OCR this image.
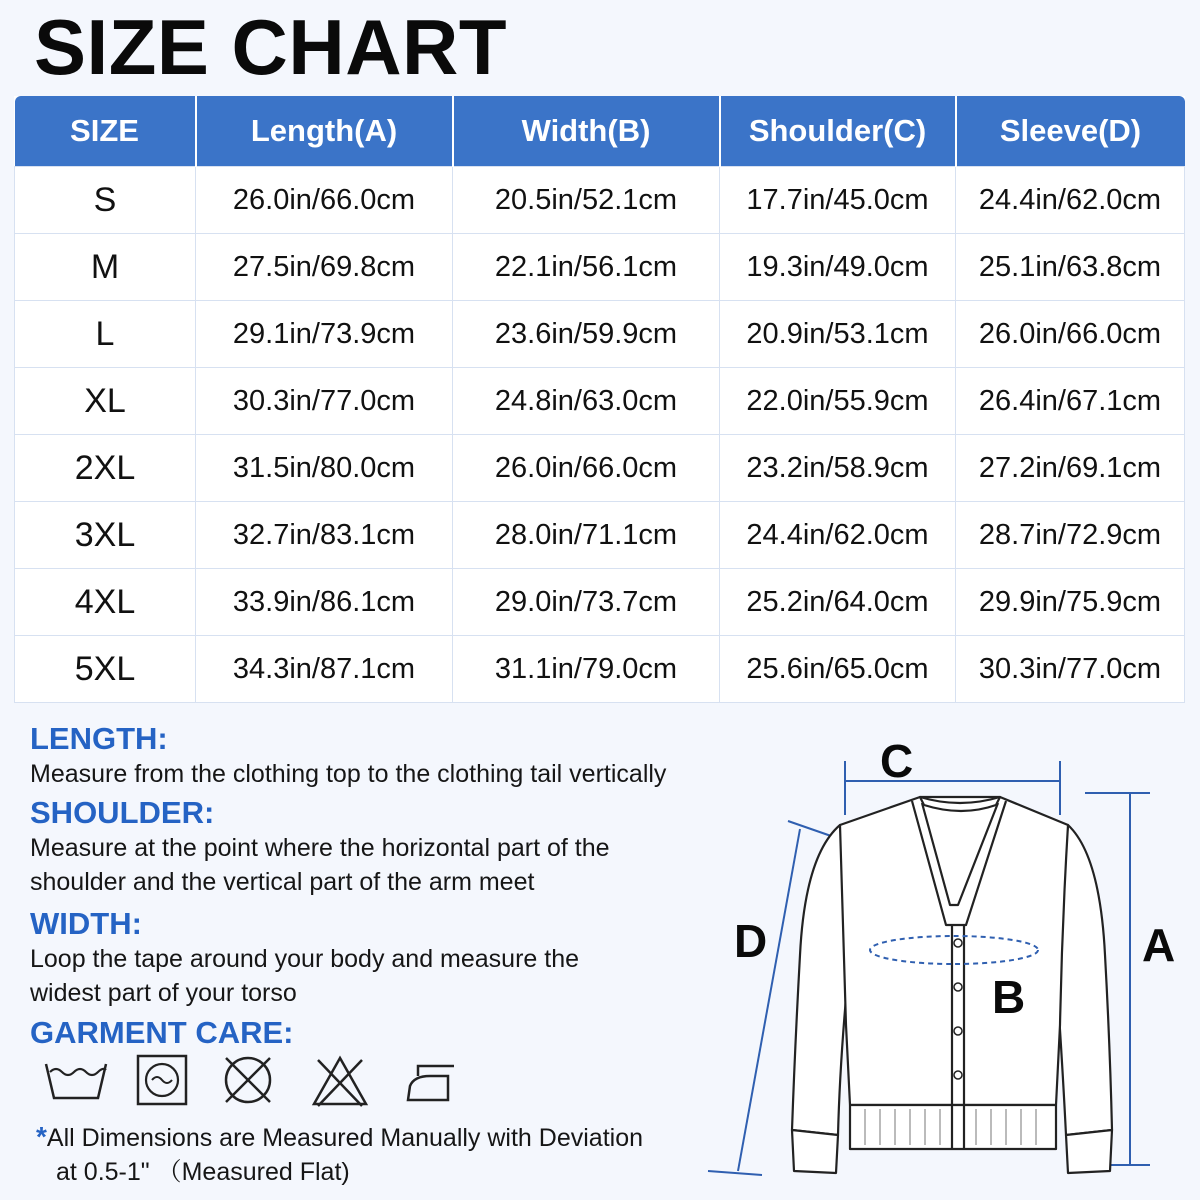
SIZE CHART
SIZE	Length(A)	Width(B)	Shoulder(C)	Sleeve(D)
S	26.0in/66.0cm	20.5in/52.1cm	17.7in/45.0cm	24.4in/62.0cm
M	27.5in/69.8cm	22.1in/56.1cm	19.3in/49.0cm	25.1in/63.8cm
L	29.1in/73.9cm	23.6in/59.9cm	20.9in/53.1cm	26.0in/66.0cm
XL	30.3in/77.0cm	24.8in/63.0cm	22.0in/55.9cm	26.4in/67.1cm
2XL	31.5in/80.0cm	26.0in/66.0cm	23.2in/58.9cm	27.2in/69.1cm
3XL	32.7in/83.1cm	28.0in/71.1cm	24.4in/62.0cm	28.7in/72.9cm
4XL	33.9in/86.1cm	29.0in/73.7cm	25.2in/64.0cm	29.9in/75.9cm
5XL	34.3in/87.1cm	31.1in/79.0cm	25.6in/65.0cm	30.3in/77.0cm
LENGTH:
Measure from the clothing top to the clothing tail vertically
SHOULDER:
Measure at the point where the horizontal part of the
shoulder and the vertical part of the arm meet
WIDTH:
Loop the tape around your body and measure the
widest part of your torso
GARMENT CARE:
*All Dimensions are Measured Manually with Deviation
at 0.5-1" （Measured Flat)
C
A
D
B
